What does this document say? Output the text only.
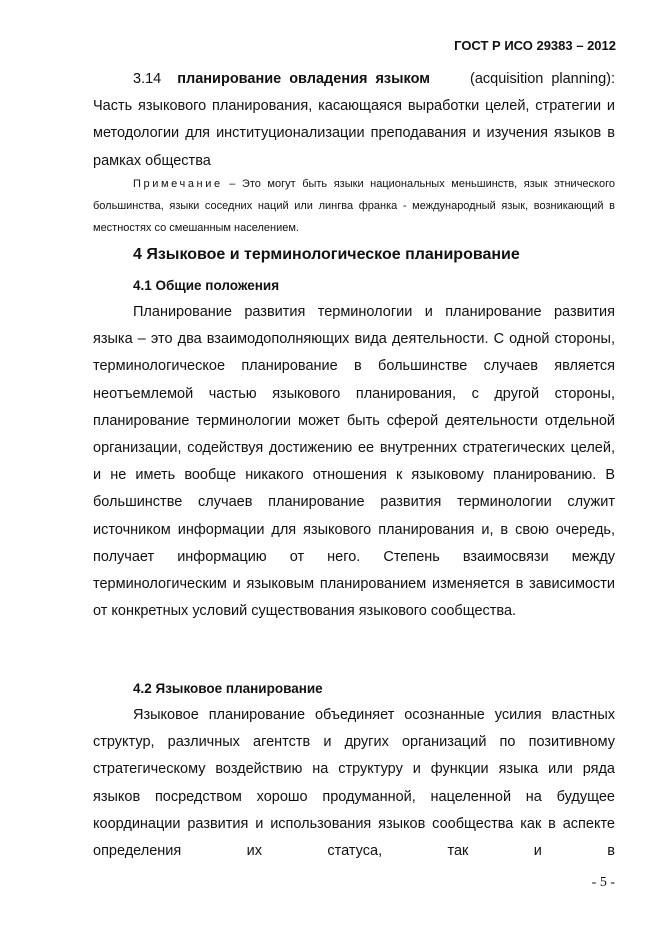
ГОСТ Р ИСО 29383 – 2012
3.14 планирование овладения языком	(acquisition planning): Часть языкового планирования, касающаяся выработки целей, стратегии и методологии для институционализации преподавания и изучения языков в рамках общества
Примечание – Это могут быть языки национальных меньшинств, язык этнического большинства, языки соседних наций или лингва франка - международный язык, возникающий в местностях со смешанным населением.
4 Языковое и терминологическое планирование
4.1 Общие положения
Планирование развития терминологии и планирование развития языка – это два взаимодополняющих вида деятельности. С одной стороны, терминологическое планирование в большинстве случаев является неотъемлемой частью языкового планирования, с другой стороны, планирование терминологии может быть сферой деятельности отдельной организации, содействуя достижению ее внутренних стратегических целей, и не иметь вообще никакого отношения к языковому планированию. В большинстве случаев планирование развития терминологии служит источником информации для языкового планирования и, в свою очередь, получает информацию от него. Степень взаимосвязи между терминологическим и языковым планированием изменяется в зависимости от конкретных условий существования языкового сообщества.
4.2 Языковое планирование
Языковое планирование объединяет осознанные усилия властных структур, различных агентств и других организаций по позитивному стратегическому воздействию на структуру и функции языка или ряда языков посредством хорошо продуманной, нацеленной на будущее координации развития и использования языков сообщества как в аспекте определения их статуса, так и в
- 5 -
